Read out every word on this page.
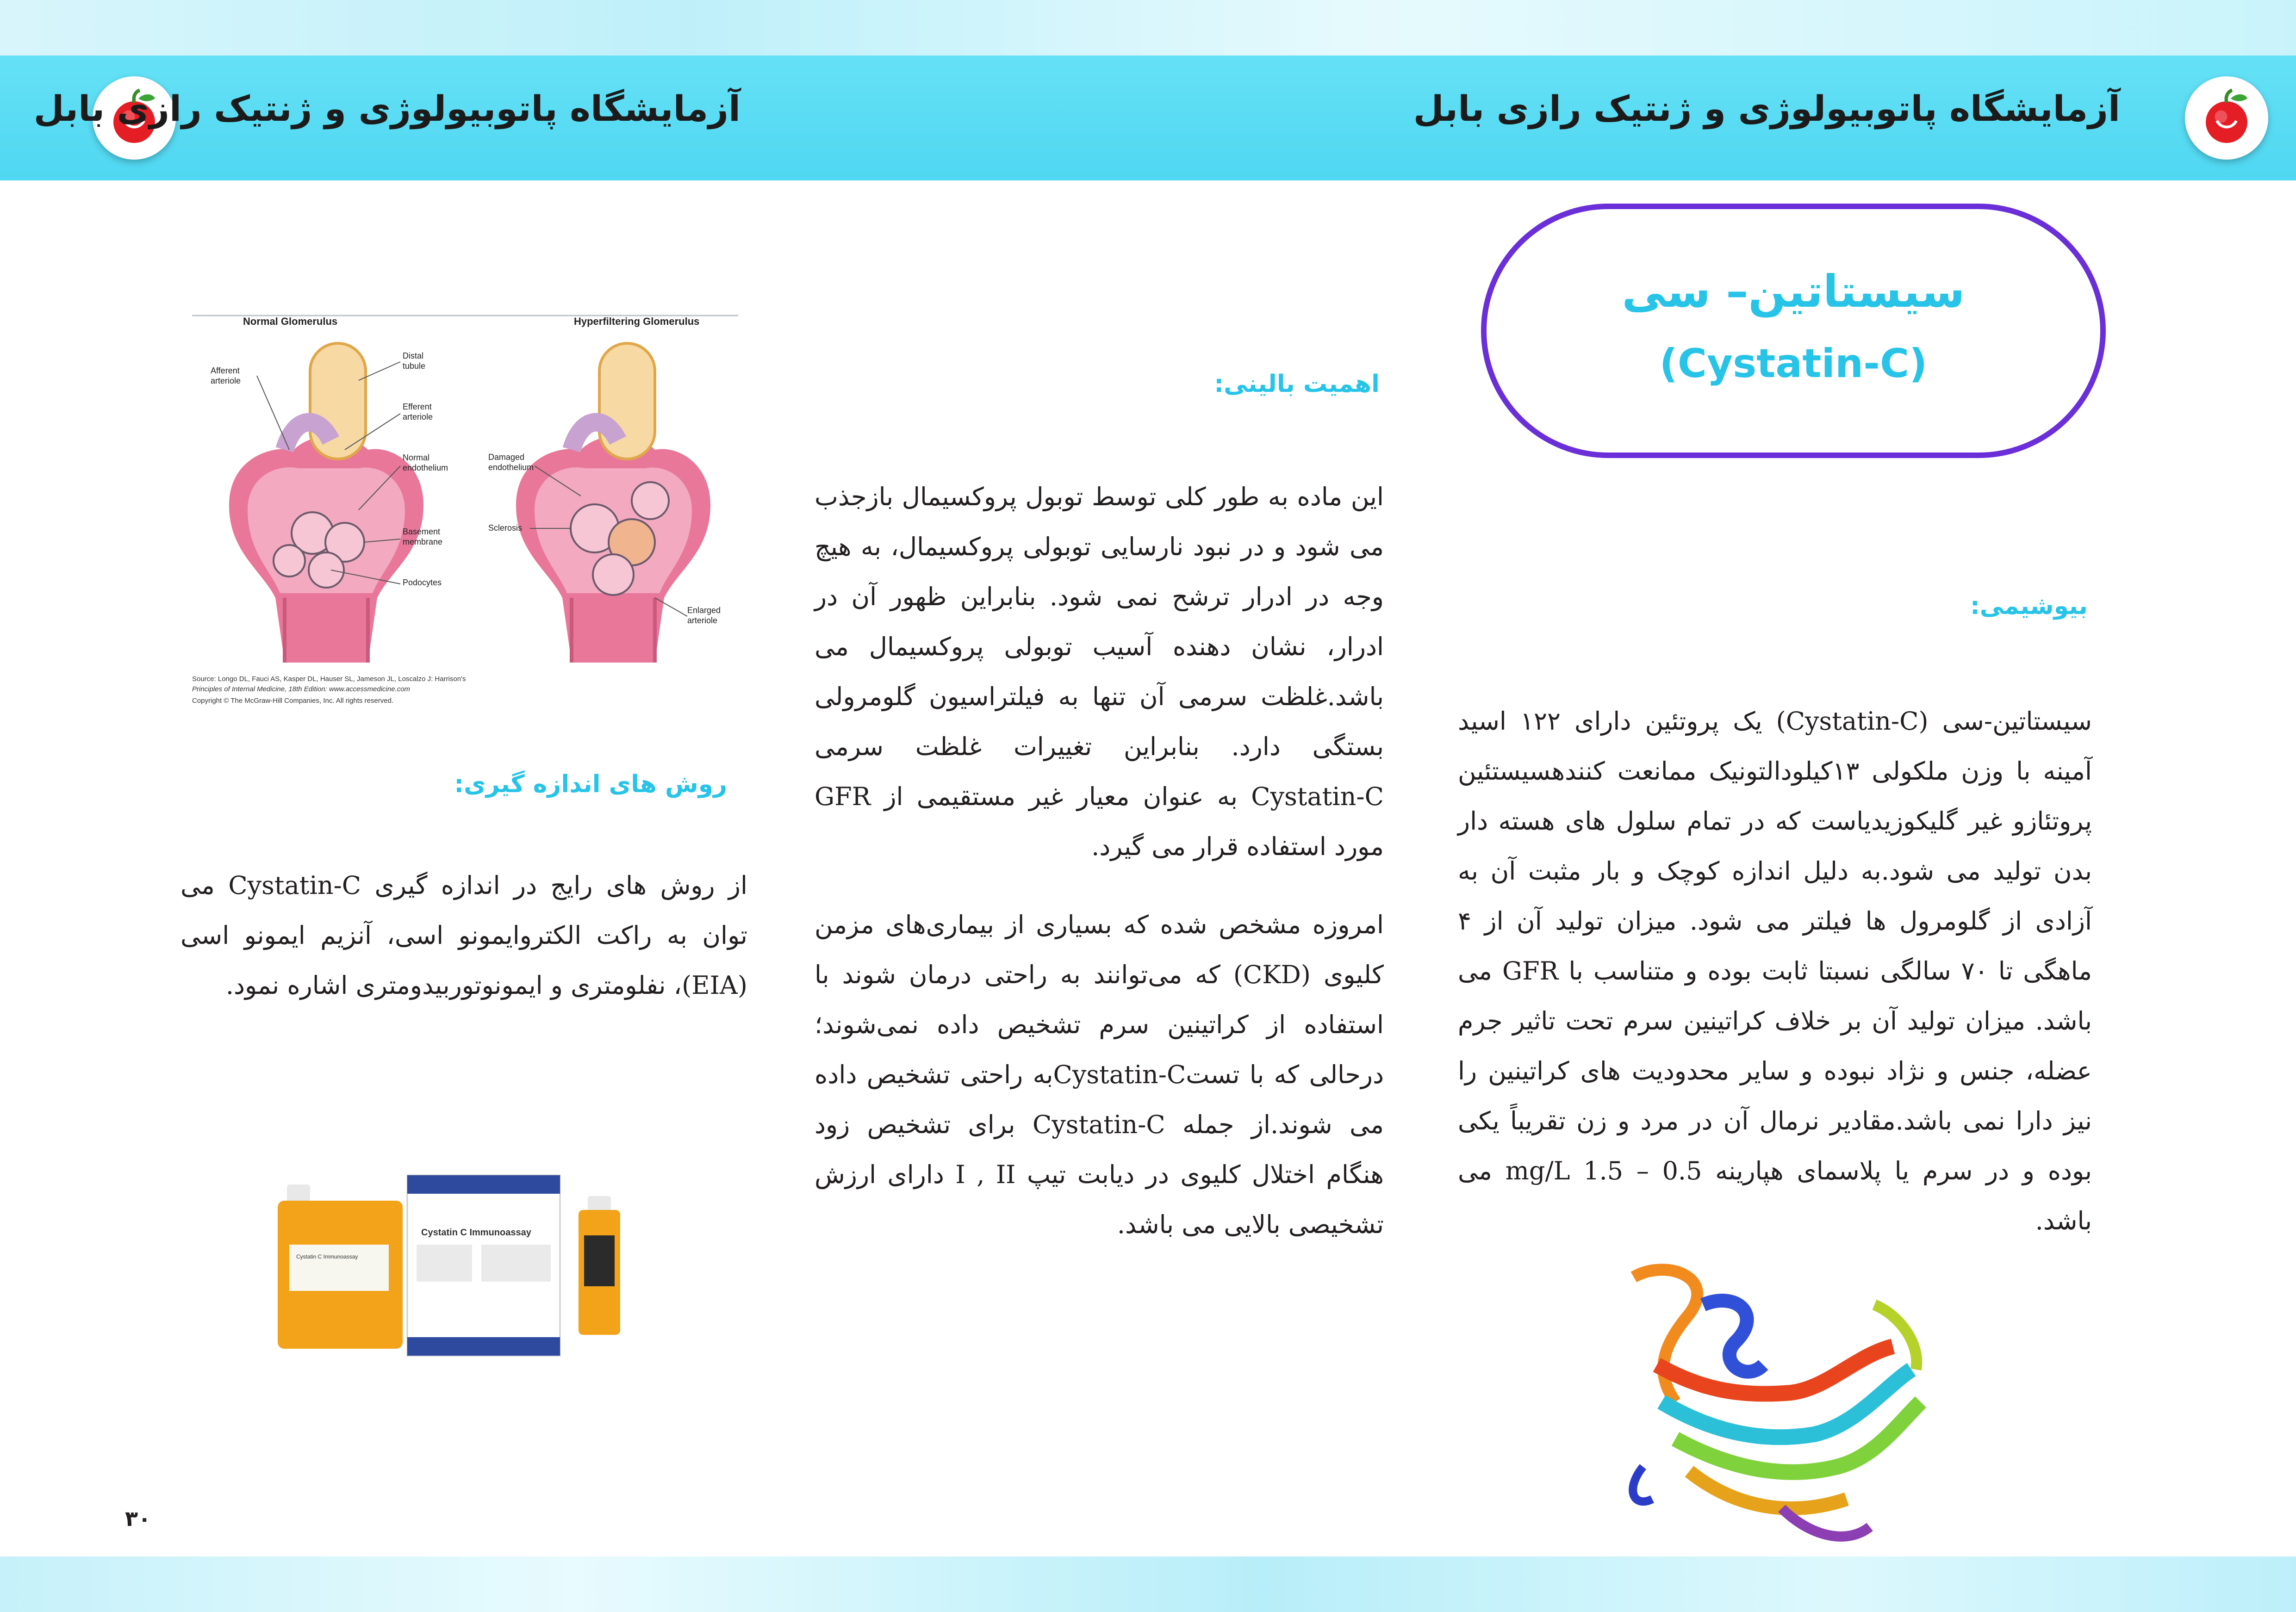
آزمایشگاه پاتوبیولوژی و ژنتیک رازی بابل	آزمایشگاه پاتوبیولوژی و ژنتیک رازی بابل
سیستاتین– سی
(Cystatin-C)
بیوشیمی:
سیستاتین-سی (Cystatin-C) یک پروتئین دارای ۱۲۲ اسید آمینه با وزن ملکولی ۱۳کیلودالتونیک ممانعت کنندهسیستئین پروتئازو غیر گلیکوزیدیاست که در تمام سلول های هسته دار بدن تولید می شود.به دلیل اندازه کوچک و بار مثبت آن به آزادی از گلومرول ها فیلتر می شود. میزان تولید آن از ۴ ماهگی تا ۷۰ سالگی نسبتا ثابت بوده و متناسب با GFR می باشد. میزان تولید آن بر خلاف کراتینین سرم تحت تاثیر جرم عضله، جنس و نژاد نبوده و سایر محدودیت های کراتینین را نیز دارا نمی باشد.مقادیر نرمال آن در مرد و زن تقریباً یکی بوده و در سرم یا پلاسمای هپارینه 0.5 – 1.5 mg/L می باشد.
اهمیت بالینی:
این ماده به طور کلی توسط توبول پروکسیمال بازجذب می شود و در نبود نارسایی توبولی پروکسیمال، به هیچ وجه در ادرار ترشح نمی شود. بنابراین ظهور آن در ادرار، نشان دهنده آسیب توبولی پروکسیمال می باشد.غلظت سرمی آن تنها به فیلتراسیون گلومرولی بستگی دارد. بنابراین تغییرات غلظت سرمی Cystatin-C به عنوان معیار غیر مستقیمی از GFR مورد استفاده قرار می گیرد.
امروزه مشخص شده که بسیاری از بیماری‌های مزمن کلیوی (CKD) که می‌توانند به راحتی درمان شوند با استفاده از کراتینین سرم تشخیص داده نمی‌شوند؛ درحالی که با تستCystatin-Cبه راحتی تشخیص داده می شوند.از جمله Cystatin-C برای تشخیص زود هنگام اختلال کلیوی در دیابت تیپ I , II دارای ارزش تشخیصی بالایی می باشد.
روش های اندازه گیری:
از روش های رایج در اندازه گیری Cystatin-C می توان به راکت الکتروایمونو اسی، آنزیم ایمونو اسی (EIA)، نفلومتری و ایمونوتوربیدومتری اشاره نمود.
Normal Glomerulus	Hyperfiltering Glomerulus
Afferent
arteriole
Distal
tubule
Efferent
arteriole
Normal
endothelium
Basement
membrane
Podocytes
Damaged
endothelium
Sclerosis
Enlarged
arteriole
Source: Longo DL, Fauci AS, Kasper DL, Hauser SL, Jameson JL, Loscalzo J: Harrison's
Principles of Internal Medicine, 18th Edition: www.accessmedicine.com
Copyright © The McGraw-Hill Companies, Inc. All rights reserved.
Cystatin C Immunoassay
Cystatin C Immunoassay
۳۰
